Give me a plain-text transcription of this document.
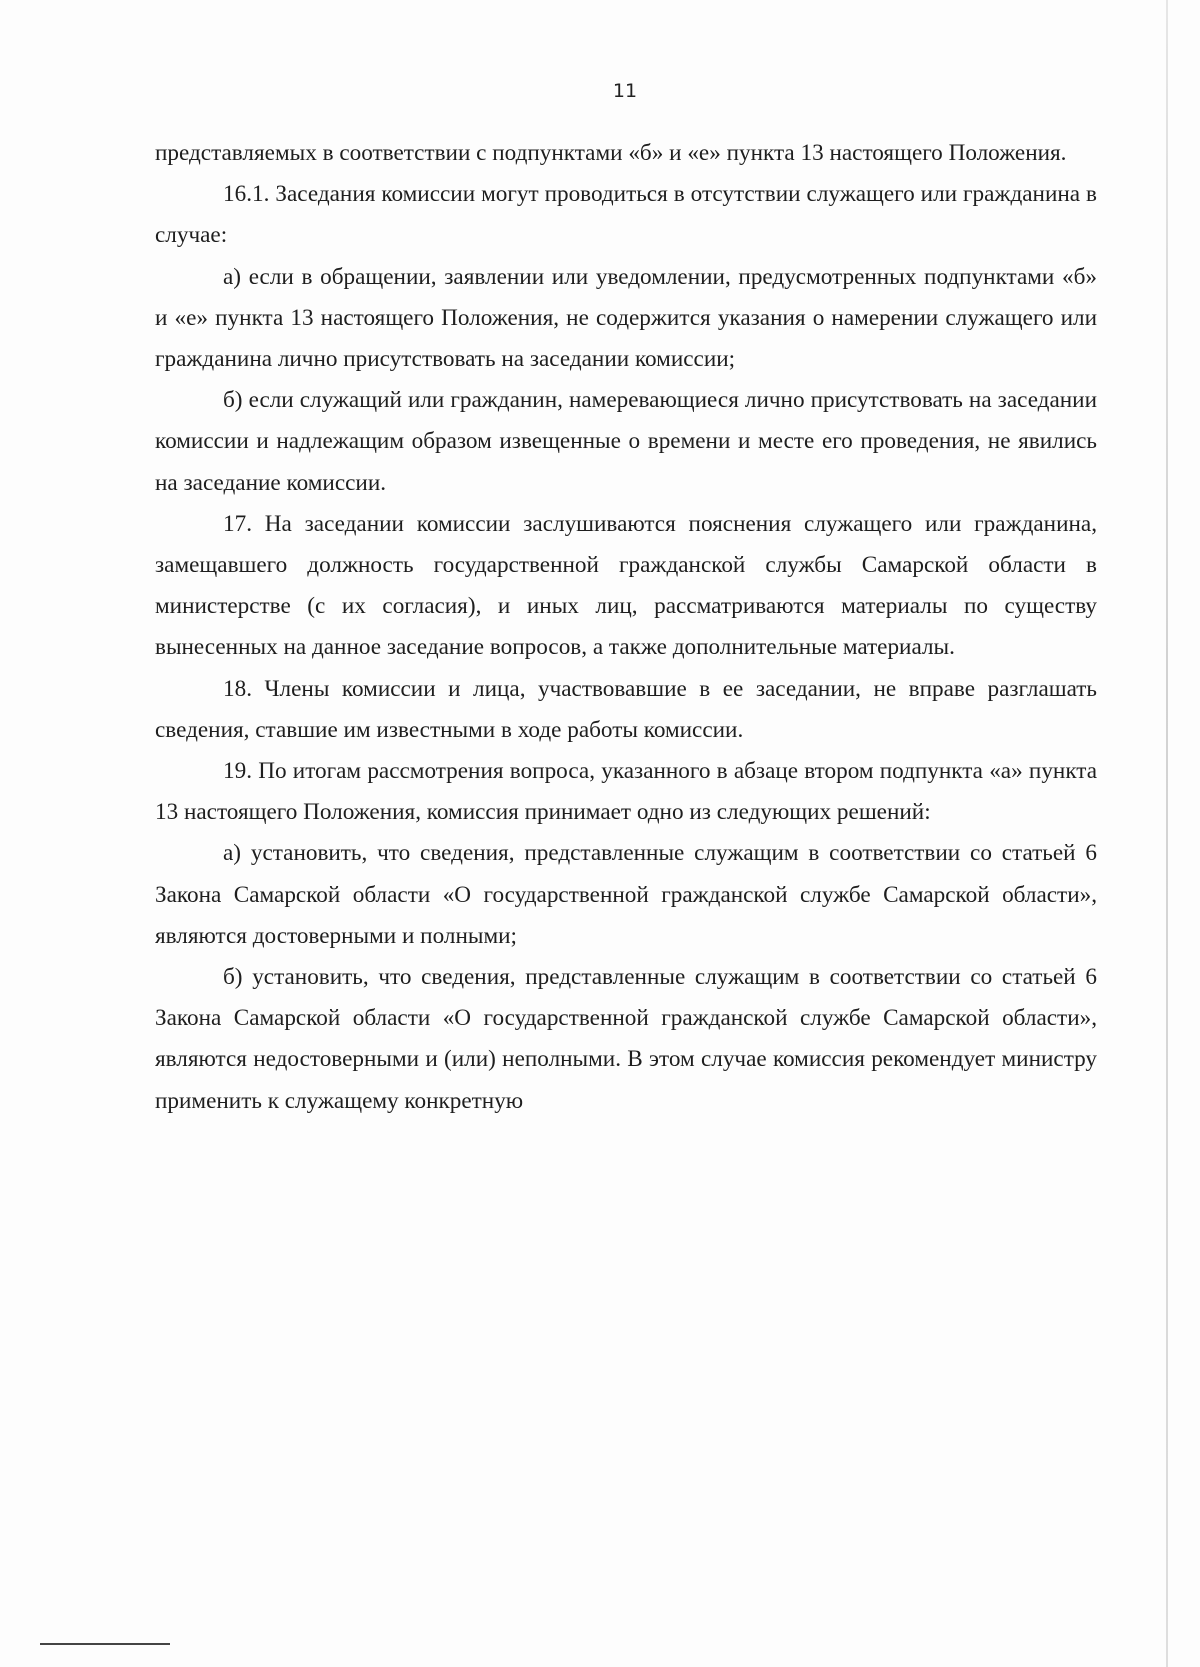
11

представляемых в соответствии с подпунктами «б» и «е» пункта 13 настоящего Положения.

16.1. Заседания комиссии могут проводиться в отсутствии служащего или гражданина в случае:

а) если в обращении, заявлении или уведомлении, предусмотренных подпунктами «б» и «е» пункта 13 настоящего Положения, не содержится указания о намерении служащего или гражданина лично присутствовать на заседании комиссии;

б) если служащий или гражданин, намеревающиеся лично присутствовать на заседании комиссии и надлежащим образом извещенные о времени и месте его проведения, не явились на заседание комиссии.

17. На заседании комиссии заслушиваются пояснения служащего или гражданина, замещавшего должность государственной гражданской службы Самарской области в министерстве (с их согласия), и иных лиц, рассматриваются материалы по существу вынесенных на данное заседание вопросов, а также дополнительные материалы.

18. Члены комиссии и лица, участвовавшие в ее заседании, не вправе разглашать сведения, ставшие им известными в ходе работы комиссии.

19. По итогам рассмотрения вопроса, указанного в абзаце втором подпункта «а» пункта 13 настоящего Положения, комиссия принимает одно из следующих решений:

а) установить, что сведения, представленные служащим в соответствии со статьей 6 Закона Самарской области «О государственной гражданской службе Самарской области», являются достоверными и полными;

б) установить, что сведения, представленные служащим в соответствии со статьей 6 Закона Самарской области «О государственной гражданской службе Самарской области», являются недостоверными и (или) неполными. В этом случае комиссия рекомендует министру применить к служащему конкретную
